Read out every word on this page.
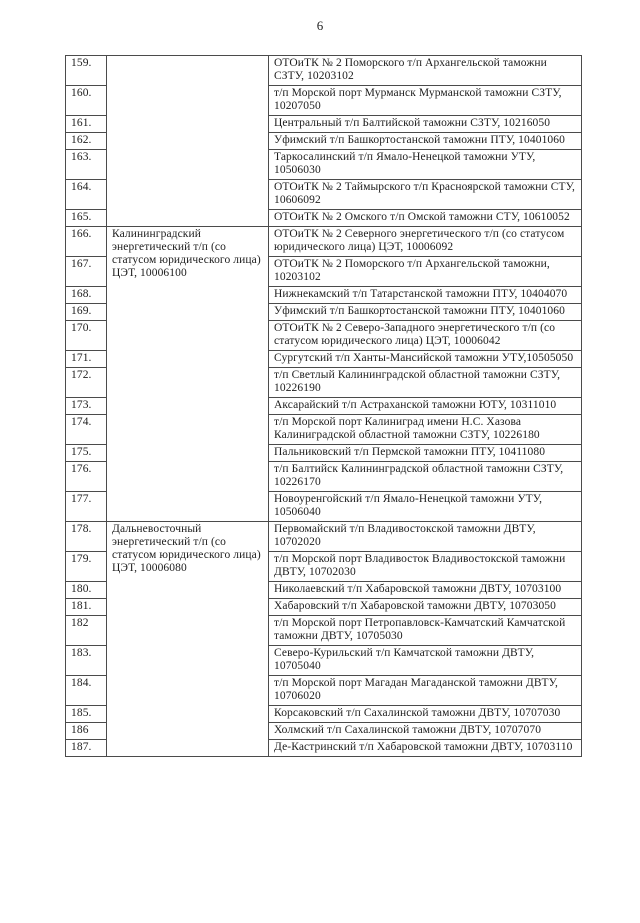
6
159.		ОТОиТК № 2 Поморского т/п Архангельской таможни СЗТУ, 10203102
160.		т/п Морской порт Мурманск Мурманской таможни СЗТУ, 10207050
161.		Центральный т/п Балтийской таможни СЗТУ, 10216050
162.		Уфимский т/п Башкортостанской таможни ПТУ, 10401060
163.		Таркосалинский т/п Ямало-Ненецкой таможни УТУ, 10506030
164.		ОТОиТК № 2 Таймырского т/п Красноярской таможни СТУ, 10606092
165.		ОТОиТК № 2 Омского т/п Омской таможни СТУ, 10610052
166.	Калининградский энергетический т/п (со статусом юридического лица) ЦЭТ, 10006100	ОТОиТК № 2 Северного энергетического т/п (со статусом юридического лица) ЦЭТ, 10006092
167.		ОТОиТК № 2 Поморского т/п Архангельской таможни, 10203102
168.		Нижнекамский т/п Татарстанской таможни ПТУ, 10404070
169.		Уфимский т/п Башкортостанской таможни ПТУ, 10401060
170.		ОТОиТК № 2 Северо-Западного энергетического т/п (со статусом юридического лица) ЦЭТ, 10006042
171.		Сургутский т/п Ханты-Мансийской таможни УТУ,10505050
172.		т/п Светлый Калининградской областной таможни СЗТУ, 10226190
173.		Аксарайский т/п Астраханской таможни ЮТУ, 10311010
174.		т/п Морской порт Калиниград имени Н.С. Хазова Калиниградской областной таможни СЗТУ, 10226180
175.		Пальниковский т/п Пермской таможни ПТУ, 10411080
176.		т/п Балтийск Калининградской областной таможни СЗТУ, 10226170
177.		Новоуренгойский т/п Ямало-Ненецкой таможни УТУ, 10506040
178.	Дальневосточный энергетический т/п (со статусом юридического лица) ЦЭТ, 10006080	Первомайский т/п Владивостокской таможни ДВТУ, 10702020
179.		т/п Морской порт Владивосток Владивостокской таможни ДВТУ, 10702030
180.		Николаевский т/п Хабаровской таможни ДВТУ, 10703100
181.		Хабаровский т/п Хабаровской таможни ДВТУ, 10703050
182		т/п Морской порт Петропавловск-Камчатский Камчатской таможни ДВТУ, 10705030
183.		Северо-Курильский т/п Камчатской таможни ДВТУ, 10705040
184.		т/п Морской порт Магадан Магаданской таможни ДВТУ, 10706020
185.		Корсаковский т/п Сахалинской таможни ДВТУ, 10707030
186		Холмский т/п Сахалинской таможни ДВТУ, 10707070
187.		Де-Кастринский т/п Хабаровской таможни ДВТУ, 10703110
